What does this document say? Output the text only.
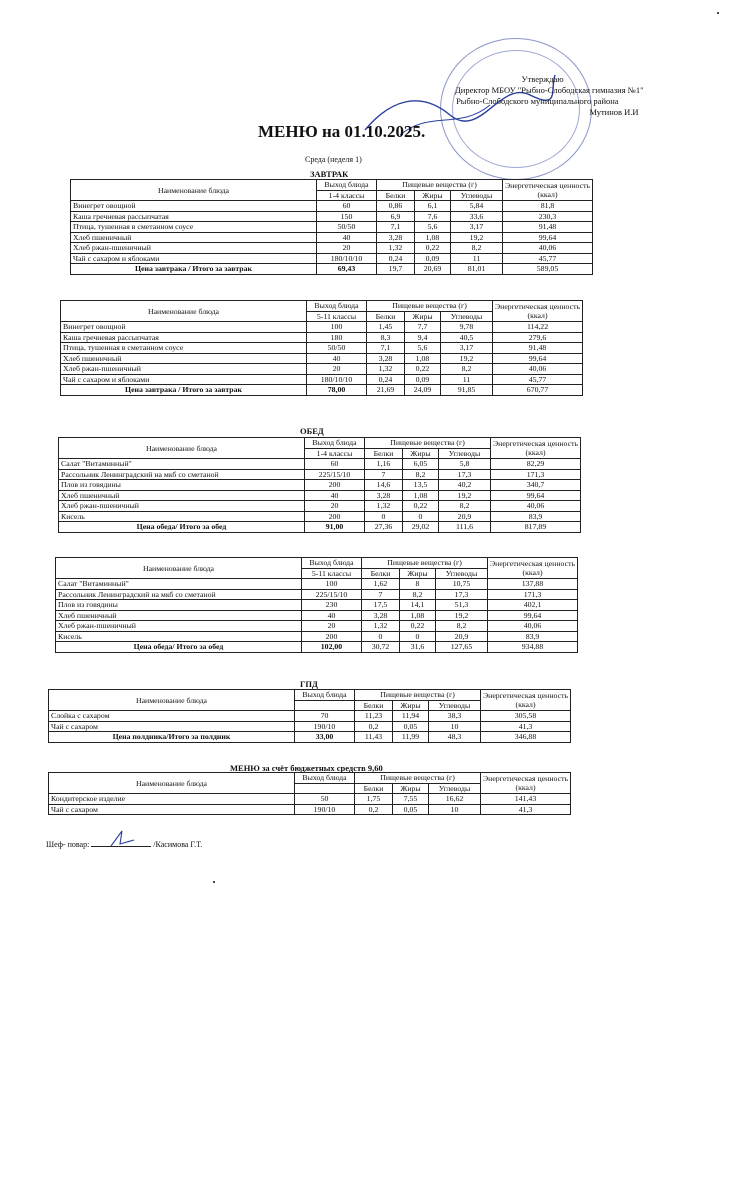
Утверждаю
Директор МБОУ "Рыбно-Слободская гимназия №1"
Рыбно-Слободского муниципального района
Мутинов И.И
МЕНЮ на 01.10.2025.
Среда (неделя 1)
ЗАВТРАК
Наименование блюда	Выход блюда	Пищевые вещества (г)			Энергетическая ценность (ккал)
	1-4 классы	Белки	Жиры	Углеводы	
Винегрет овощной	60	0,86	6,1	5,84	81,8
Каша гречневая рассыпчатая	150	6,9	7,6	33,6	230,3
Птица, тушенная в сметанном соусе	50/50	7,1	5,6	3,17	91,48
Хлеб пшеничный	40	3,28	1,08	19,2	99,64
Хлеб ржан-пшеничный	20	1,32	0,22	8,2	40,06
Чай с сахаром и яблоками	180/10/10	0,24	0,09	11	45,77
Цена завтрака / Итого за завтрак	69,43	19,7	20,69	81,01	589,05
Наименование блюда	Выход блюда	Пищевые вещества (г)			Энергетическая ценность (ккал)
	5-11 классы	Белки	Жиры	Углеводы	
Винегрет овощной	100	1,45	7,7	9,78	114,22
Каша гречневая рассыпчатая	180	8,3	9,4	40,5	279,6
Птица, тушенная в сметанном соусе	50/50	7,1	5,6	3,17	91,48
Хлеб пшеничный	40	3,28	1,08	19,2	99,64
Хлеб ржан-пшеничный	20	1,32	0,22	8,2	40,06
Чай с сахаром и яблоками	180/10/10	0,24	0,09	11	45,77
Цена завтрака / Итого за завтрак	78,00	21,69	24,09	91,85	670,77
ОБЕД
Наименование блюда	Выход блюда	Пищевые вещества (г)			Энергетическая ценность (ккал)
	1-4 классы	Белки	Жиры	Углеводы	
Салат "Витаминный"	60	1,16	6,05	5,8	82,29
Рассольник Ленинградский на мкб со сметаной	225/15/10	7	8,2	17,3	171,3
Плов из говядины	200	14,6	13,5	40,2	340,7
Хлеб пшеничный	40	3,28	1,08	19,2	99,64
Хлеб ржан-пшеничный	20	1,32	0,22	8,2	40,06
Кисель	200	0	0	20,9	83,9
Цена обеда/ Итого за обед	91,00	27,36	29,02	111,6	817,89
Наименование блюда	Выход блюда	Пищевые вещества (г)			Энергетическая ценность (ккал)
	5-11 классы	Белки	Жиры	Углеводы	
Салат "Витаминный"	100	1,62	8	10,75	137,88
Рассольник Ленинградский на мкб со сметаной	225/15/10	7	8,2	17,3	171,3
Плов из говядины	230	17,5	14,1	51,3	402,1
Хлеб пшеничный	40	3,28	1,08	19,2	99,64
Хлеб ржан-пшеничный	20	1,32	0,22	8,2	40,06
Кисель	200	0	0	20,9	83,9
Цена обеда/ Итого за обед	102,00	30,72	31,6	127,65	934,88
ГПД
Наименование блюда	Выход блюда	Пищевые вещества (г)			Энергетическая ценность (ккал)
		Белки	Жиры	Углеводы	
Слойка с сахаром	70	11,23	11,94	38,3	305,58
Чай с сахаром	190/10	0,2	0,05	10	41,3
Цена полдника/Итого за полдник	33,00	11,43	11,99	48,3	346,88
МЕНЮ за счёт бюджетных средств 9,60
Наименование блюда	Выход блюда	Пищевые вещества (г)			Энергетическая ценность (ккал)
		Белки	Жиры	Углеводы	
Кондитерское изделие	50	1,75	7,55	16,62	141,43
Чай с сахаром	190/10	0,2	0,05	10	41,3
Шеф- повар:	/Касимова Г.Т.
